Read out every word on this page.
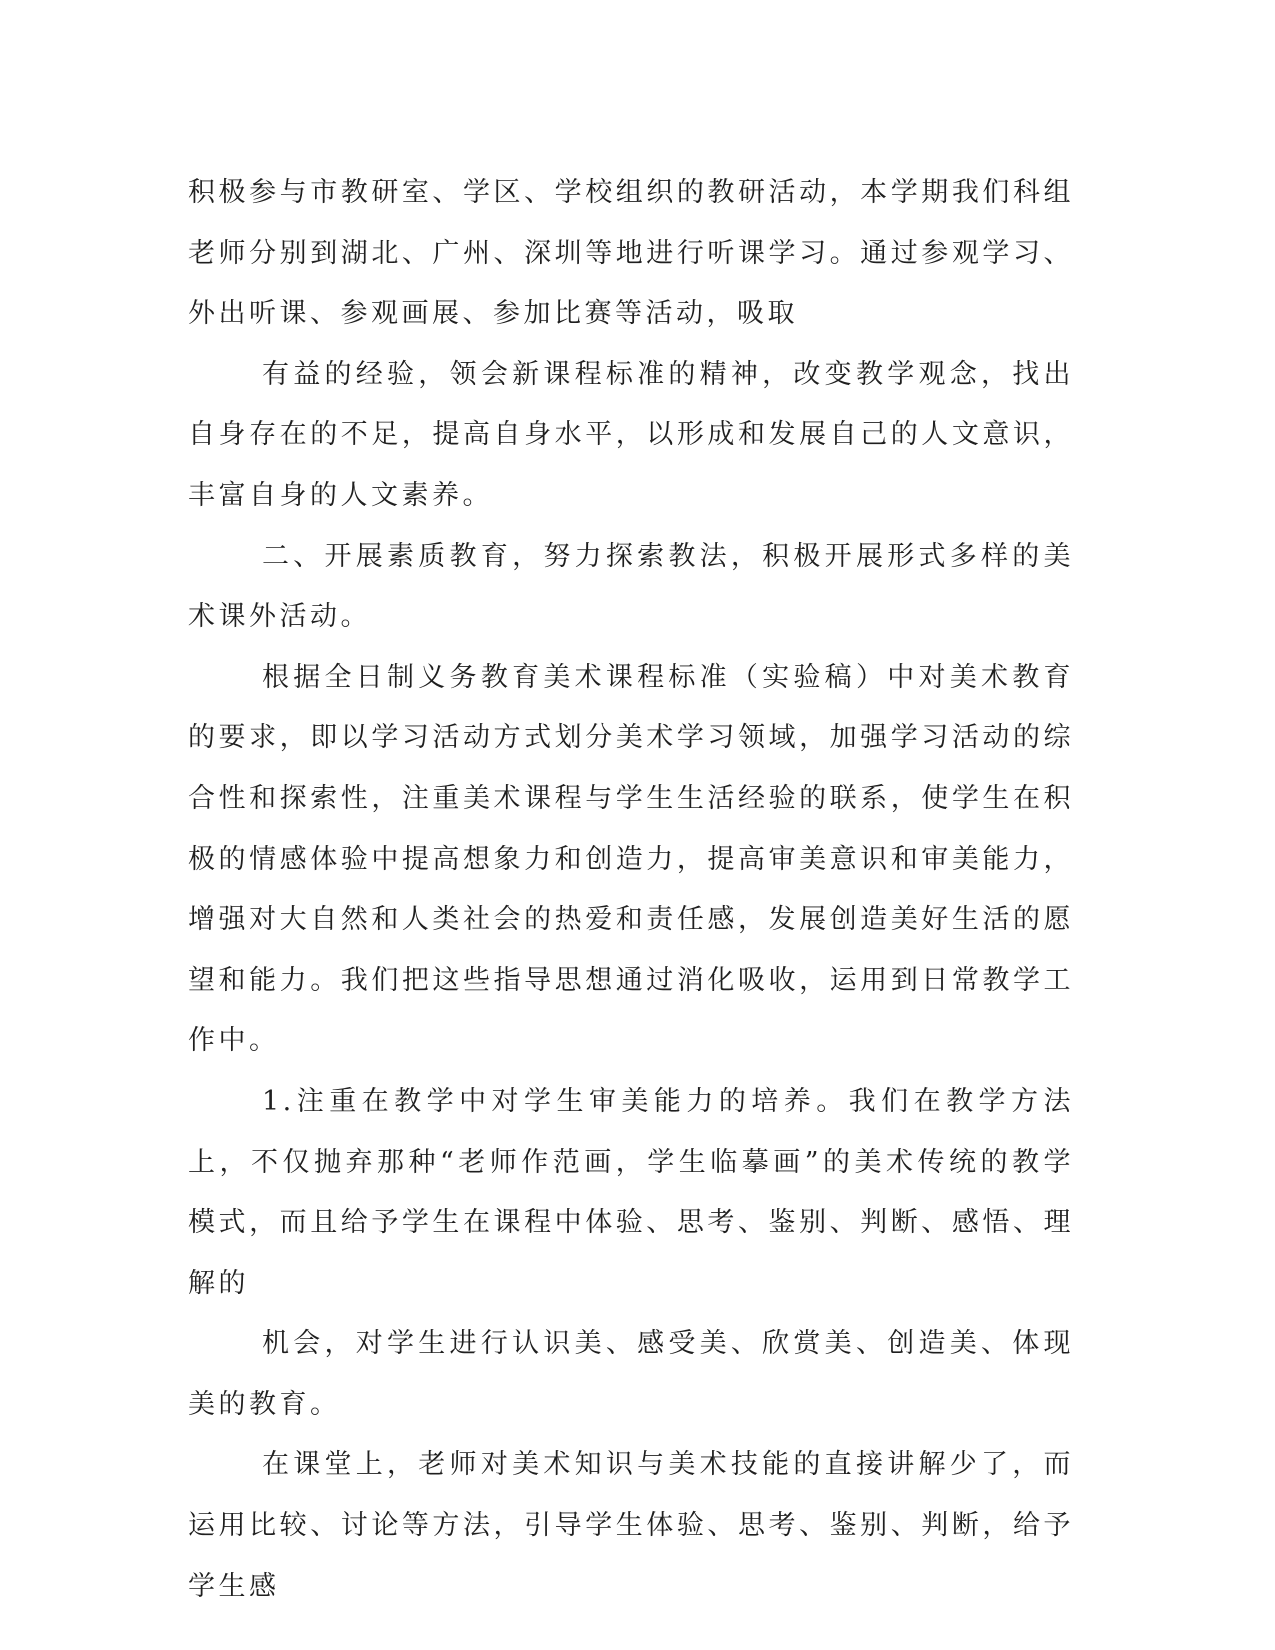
积极参与市教研室、学区、学校组织的教研活动，本学期我们科组老师分别到湖北、广州、深圳等地进行听课学习。通过参观学习、外出听课、参观画展、参加比赛等活动，吸取

有益的经验，领会新课程标准的精神，改变教学观念，找出自身存在的不足，提高自身水平，以形成和发展自己的人文意识，丰富自身的人文素养。

二、开展素质教育，努力探索教法，积极开展形式多样的美术课外活动。

根据全日制义务教育美术课程标准（实验稿）中对美术教育的要求，即以学习活动方式划分美术学习领域，加强学习活动的综合性和探索性，注重美术课程与学生生活经验的联系，使学生在积极的情感体验中提高想象力和创造力，提高审美意识和审美能力，增强对大自然和人类社会的热爱和责任感，发展创造美好生活的愿望和能力。我们把这些指导思想通过消化吸收，运用到日常教学工作中。

1.注重在教学中对学生审美能力的培养。我们在教学方法上，不仅抛弃那种“老师作范画，学生临摹画”的美术传统的教学模式，而且给予学生在课程中体验、思考、鉴别、判断、感悟、理解的

机会，对学生进行认识美、感受美、欣赏美、创造美、体现美的教育。

在课堂上，老师对美术知识与美术技能的直接讲解少了，而运用比较、讨论等方法，引导学生体验、思考、鉴别、判断，给予学生感
